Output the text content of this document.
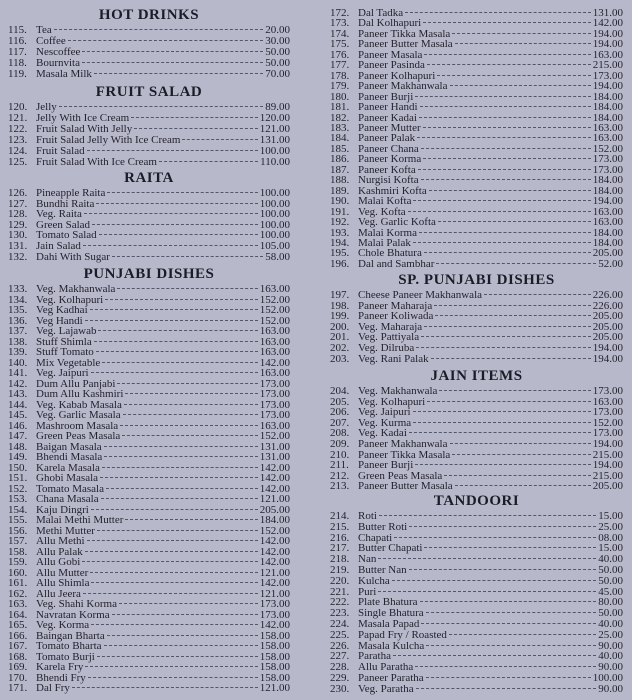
HOT DRINKS
115. Tea	20.00
116. Coffee	30.00
117. Nescoffee	50.00
118. Bournvita	50.00
119. Masala Milk	70.00
FRUIT SALAD
120. Jelly	89.00
121. Jelly With Ice Cream	120.00
122. Fruit Salad With Jelly	121.00
123. Fruit Salad Jelly With Ice Cream	131.00
124. Fruit Salad	100.00
125. Fruit Salad With Ice Cream	110.00
RAITA
126. Pineapple Raita	100.00
127. Bundhi Raita	100.00
128. Veg. Raita	100.00
129. Green Salad	100.00
130. Tomato Salad	100.00
131. Jain Salad	105.00
132. Dahi With Sugar	58.00
PUNJABI DISHES
133. Veg. Makhanwala	163.00
134. Veg. Kolhapuri	152.00
135. Veg Kadhai	152.00
136. Veg Handi	152.00
137. Veg. Lajawab	163.00
138. Stuff Shimla	163.00
139. Stuff Tomato	163.00
140. Mix Vegetable	142.00
141. Veg. Jaipuri	163.00
142. Dum Allu Panjabi	173.00
143. Dum Allu Kashmiri	173.00
144. Veg. Kabab Masala	173.00
145. Veg. Garlic Masala	173.00
146. Mashroom Masala	163.00
147. Green Peas Masala	152.00
148. Baigan Masala	131.00
149. Bhendi Masala	131.00
150. Karela Masala	142.00
151. Ghobi Masala	142.00
152. Tomato Masala	142.00
153. Chana Masala	121.00
154. Kaju Dingri	205.00
155. Malai Methi Mutter	184.00
156. Methi Mutter	152.00
157. Allu Methi	142.00
158. Allu Palak	142.00
159. Allu Gobi	142.00
160. Allu Mutter	121.00
161. Allu Shimla	142.00
162. Allu Jeera	121.00
163. Veg. Shahi Korma	173.00
164. Navratan Korma	173.00
165. Veg. Korma	142.00
166. Baingan Bharta	158.00
167. Tomato Bharta	158.00
168. Tomato Burji	158.00
169. Karela Fry	158.00
170. Bhendi Fry	158.00
171. Dal Fry	121.00
172. Dal Tadka	131.00
173. Dal Kolhapuri	142.00
174. Paneer Tikka Masala	194.00
175. Paneer Butter Masala	194.00
176. Paneer Masala	163.00
177. Paneer Pasinda	215.00
178. Paneer Kolhapuri	173.00
179. Paneer Makhanwala	194.00
180. Paneer Burji	184.00
181. Paneer Handi	184.00
182. Paneer Kadai	184.00
183. Paneer Mutter	163.00
184. Paneer Palak	163.00
185. Paneer Chana	152.00
186. Paneer Korma	173.00
187. Paneer Kofta	173.00
188. Nurgisi Kofta	184.00
189. Kashmiri Kofta	184.00
190. Malai Kofta	194.00
191. Veg. Kofta	163.00
192. Veg. Garlic Kofta	163.00
193. Malai Korma	184.00
194. Malai Palak	184.00
195. Chole Bhatura	205.00
196. Dal and Sambhar	52.00
SP. PUNJABI DISHES
197. Cheese Paneer Makhanwala	226.00
198. Paneer Maharaja	226.00
199. Paneer Koliwada	205.00
200. Veg. Maharaja	205.00
201. Veg. Pattiyala	205.00
202. Veg. Dilruba	194.00
203. Veg. Rani Palak	194.00
JAIN ITEMS
204. Veg. Makhanwala	173.00
205. Veg. Kolhapuri	163.00
206. Veg. Jaipuri	173.00
207. Veg. Kurma	152.00
208. Veg. Kadai	173.00
209. Paneer Makhanwala	194.00
210. Paneer Tikka Masala	215.00
211. Paneer Burji	194.00
212. Green Peas Masala	215.00
213. Paneer Butter Masala	205.00
TANDOORI
214. Roti	15.00
215. Butter Roti	25.00
216. Chapati	08.00
217. Butter Chapati	15.00
218. Nan	40.00
219. Butter Nan	50.00
220. Kulcha	50.00
221. Puri	45.00
222. Plate Bhatura	80.00
223. Single Bhatura	50.00
224. Masala Papad	40.00
225. Papad Fry / Roasted	25.00
226. Masala Kulcha	90.00
227. Paratha	40.00
228. Allu Paratha	90.00
229. Paneer Paratha	100.00
230. Veg. Paratha	90.00
